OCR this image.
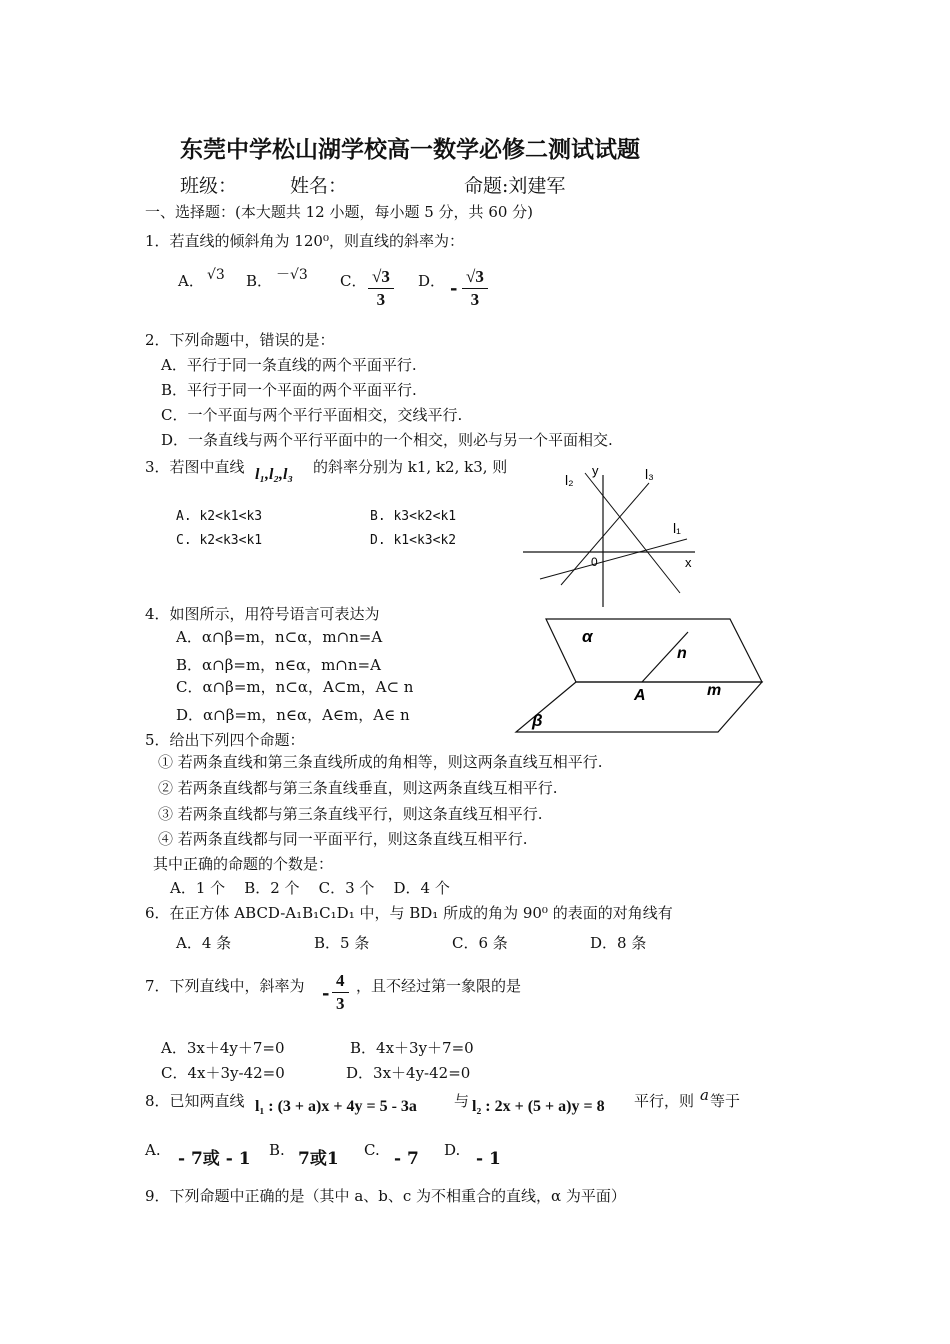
东莞中学松山湖学校高一数学必修二测试试题
班级：	姓名：	命题:刘建军
一、选择题：(本大题共 12 小题，每小题 5 分，共 60 分)
1．若直线的倾斜角为 120⁰，则直线的斜率为：
A． √3 B． －√3 C． $\frac{√3}{3}$ D． - $\frac{√3}{3}$
2．下列命题中，错误的是：
A．平行于同一条直线的两个平面平行.
B．平行于同一个平面的两个平面平行.
C．一个平面与两个平行平面相交，交线平行.
D．一条直线与两个平行平面中的一个相交，则必与另一个平面相交.
3．若图中直线 l₁,l₂,l₃ 的斜率分别为 k1, k2, k3, 则
A. k2<k1<k3	B. k3<k2<k1
C. k2<k3<k1	D. k1<k3<k2
l₂	l₃
l₁
y
x
0
4．如图所示，用符号语言可表达为
A．α∩β=m，n⊂α，m∩n=A
B．α∩β=m，n∈α，m∩n=A
C．α∩β=m，n⊂α，A⊂m，A⊂ n
D．α∩β=m，n∈α，A∈m，A∈ n
α
β
n
m
A
5．给出下列四个命题：
① 若两条直线和第三条直线所成的角相等，则这两条直线互相平行.
② 若两条直线都与第三条直线垂直，则这两条直线互相平行.
③ 若两条直线都与第三条直线平行，则这条直线互相平行.
④ 若两条直线都与同一平面平行，则这条直线互相平行.
其中正确的命题的个数是：
A．1 个    B．2 个    C．3 个    D．4 个
6．在正方体 ABCD-A₁B₁C₁D₁ 中，与 BD₁ 所成的角为 90⁰ 的表面的对角线有
A．4 条	B．5 条	C．6 条	D．8 条
7．下列直线中，斜率为 - $\frac{4}{3}$ ，且不经过第一象限的是
A．3x＋4y＋7=0	B．4x＋3y＋7=0
C．4x＋3y-42=0	D．3x＋4y-42=0
8．已知两直线 l₁ : (3 + a)x + 4y = 5 - 3a 与 l₂ : 2x + (5 + a)y = 8 平行，则 a 等于
A. - 7或 - 1 B. 7或1 C. - 7 D. - 1
9．下列命题中正确的是（其中 a、b、c 为不相重合的直线，α 为平面）
